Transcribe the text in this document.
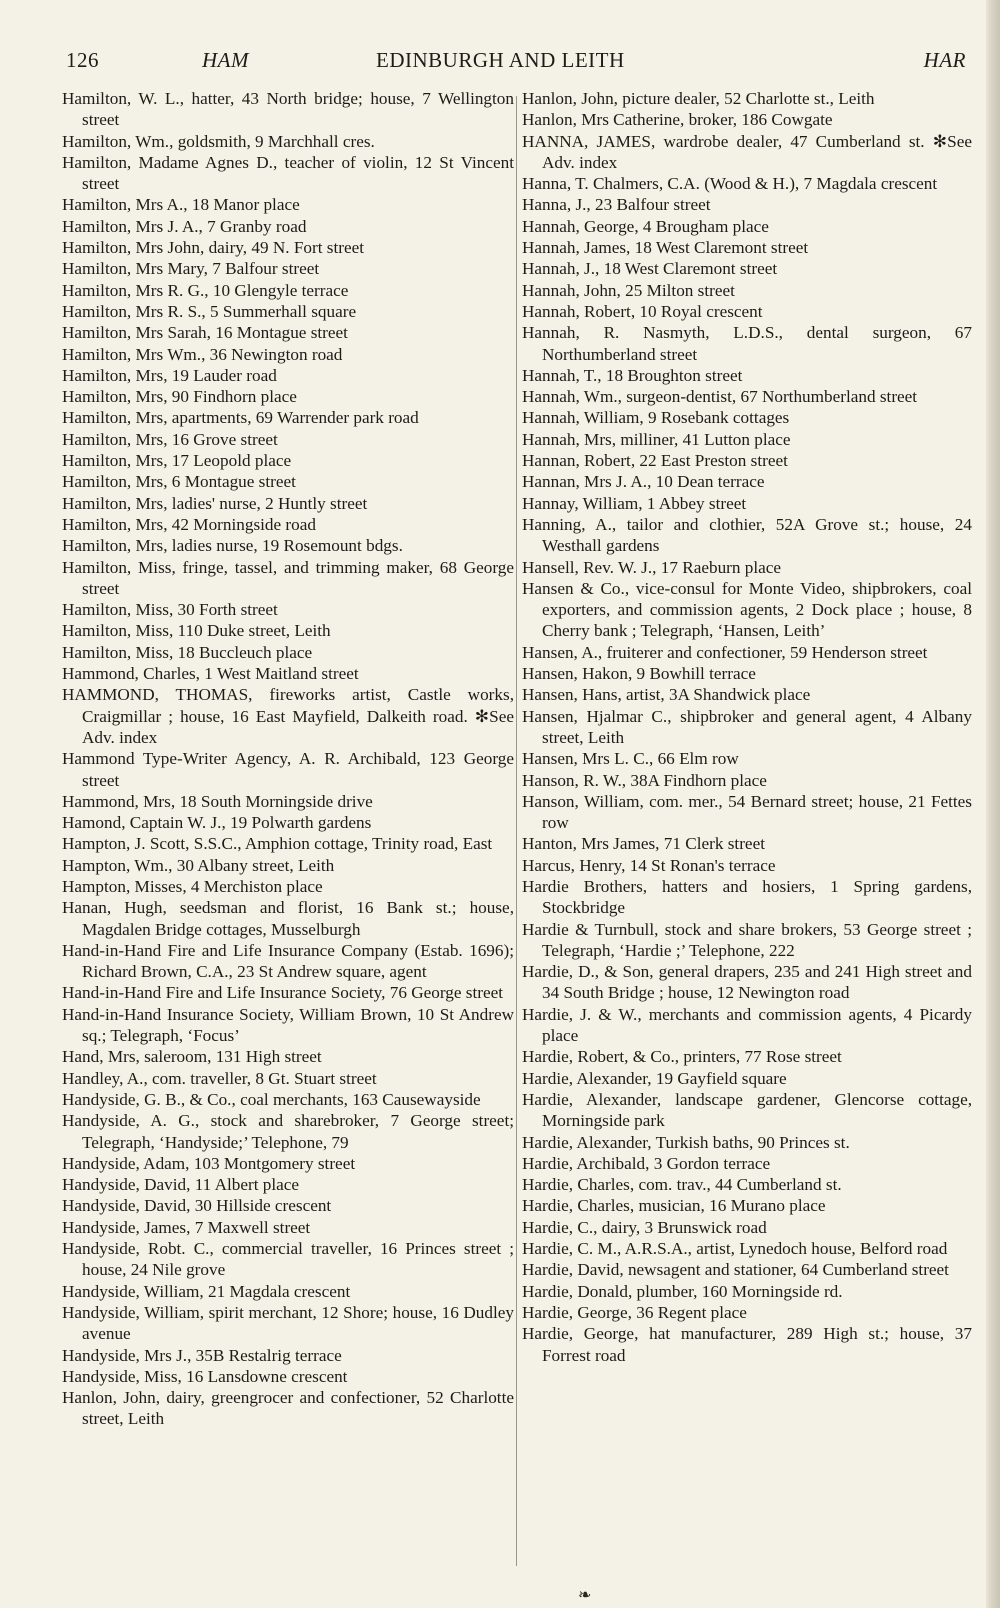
126	HAM	EDINBURGH AND LEITH	HAR
Hamilton, W. L., hatter, 43 North bridge; house, 7 Wellington street
Hamilton, Wm., goldsmith, 9 Marchhall cres.
Hamilton, Madame Agnes D., teacher of violin, 12 St Vincent street
Hamilton, Mrs A., 18 Manor place
Hamilton, Mrs J. A., 7 Granby road
Hamilton, Mrs John, dairy, 49 N. Fort street
Hamilton, Mrs Mary, 7 Balfour street
Hamilton, Mrs R. G., 10 Glengyle terrace
Hamilton, Mrs R. S., 5 Summerhall square
Hamilton, Mrs Sarah, 16 Montague street
Hamilton, Mrs Wm., 36 Newington road
Hamilton, Mrs, 19 Lauder road
Hamilton, Mrs, 90 Findhorn place
Hamilton, Mrs, apartments, 69 Warrender park road
Hamilton, Mrs, 16 Grove street
Hamilton, Mrs, 17 Leopold place
Hamilton, Mrs, 6 Montague street
Hamilton, Mrs, ladies' nurse, 2 Huntly street
Hamilton, Mrs, 42 Morningside road
Hamilton, Mrs, ladies nurse, 19 Rosemount bdgs.
Hamilton, Miss, fringe, tassel, and trimming maker, 68 George street
Hamilton, Miss, 30 Forth street
Hamilton, Miss, 110 Duke street, Leith
Hamilton, Miss, 18 Buccleuch place
Hammond, Charles, 1 West Maitland street
HAMMOND, THOMAS, fireworks artist, Castle works, Craigmillar ; house, 16 East Mayfield, Dalkeith road. ✻See Adv. index
Hammond Type-Writer Agency, A. R. Archibald, 123 George street
Hammond, Mrs, 18 South Morningside drive
Hamond, Captain W. J., 19 Polwarth gardens
Hampton, J. Scott, S.S.C., Amphion cottage, Trinity road, East
Hampton, Wm., 30 Albany street, Leith
Hampton, Misses, 4 Merchiston place
Hanan, Hugh, seedsman and florist, 16 Bank st.; house, Magdalen Bridge cottages, Musselburgh
Hand-in-Hand Fire and Life Insurance Company (Estab. 1696); Richard Brown, C.A., 23 St Andrew square, agent
Hand-in-Hand Fire and Life Insurance Society, 76 George street
Hand-in-Hand Insurance Society, William Brown, 10 St Andrew sq.; Telegraph, ‘Focus’
Hand, Mrs, saleroom, 131 High street
Handley, A., com. traveller, 8 Gt. Stuart street
Handyside, G. B., & Co., coal merchants, 163 Causewayside
Handyside, A. G., stock and sharebroker, 7 George street; Telegraph, ‘Handyside;’ Telephone, 79
Handyside, Adam, 103 Montgomery street
Handyside, David, 11 Albert place
Handyside, David, 30 Hillside crescent
Handyside, James, 7 Maxwell street
Handyside, Robt. C., commercial traveller, 16 Princes street ; house, 24 Nile grove
Handyside, William, 21 Magdala crescent
Handyside, William, spirit merchant, 12 Shore; house, 16 Dudley avenue
Handyside, Mrs J., 35B Restalrig terrace
Handyside, Miss, 16 Lansdowne crescent
Hanlon, John, dairy, greengrocer and confectioner, 52 Charlotte street, Leith
Hanlon, John, picture dealer, 52 Charlotte st., Leith
Hanlon, Mrs Catherine, broker, 186 Cowgate
HANNA, JAMES, wardrobe dealer, 47 Cumberland st. ✻See Adv. index
Hanna, T. Chalmers, C.A. (Wood & H.), 7 Magdala crescent
Hanna, J., 23 Balfour street
Hannah, George, 4 Brougham place
Hannah, James, 18 West Claremont street
Hannah, J., 18 West Claremont street
Hannah, John, 25 Milton street
Hannah, Robert, 10 Royal crescent
Hannah, R. Nasmyth, L.D.S., dental surgeon, 67 Northumberland street
Hannah, T., 18 Broughton street
Hannah, Wm., surgeon-dentist, 67 Northumberland street
Hannah, William, 9 Rosebank cottages
Hannah, Mrs, milliner, 41 Lutton place
Hannan, Robert, 22 East Preston street
Hannan, Mrs J. A., 10 Dean terrace
Hannay, William, 1 Abbey street
Hanning, A., tailor and clothier, 52A Grove st.; house, 24 Westhall gardens
Hansell, Rev. W. J., 17 Raeburn place
Hansen & Co., vice-consul for Monte Video, shipbrokers, coal exporters, and commission agents, 2 Dock place ; house, 8 Cherry bank ; Telegraph, ‘Hansen, Leith’
Hansen, A., fruiterer and confectioner, 59 Henderson street
Hansen, Hakon, 9 Bowhill terrace
Hansen, Hans, artist, 3A Shandwick place
Hansen, Hjalmar C., shipbroker and general agent, 4 Albany street, Leith
Hansen, Mrs L. C., 66 Elm row
Hanson, R. W., 38A Findhorn place
Hanson, William, com. mer., 54 Bernard street; house, 21 Fettes row
Hanton, Mrs James, 71 Clerk street
Harcus, Henry, 14 St Ronan's terrace
Hardie Brothers, hatters and hosiers, 1 Spring gardens, Stockbridge
Hardie & Turnbull, stock and share brokers, 53 George street ; Telegraph, ‘Hardie ;’ Telephone, 222
Hardie, D., & Son, general drapers, 235 and 241 High street and 34 South Bridge ; house, 12 Newington road
Hardie, J. & W., merchants and commission agents, 4 Picardy place
Hardie, Robert, & Co., printers, 77 Rose street
Hardie, Alexander, 19 Gayfield square
Hardie, Alexander, landscape gardener, Glencorse cottage, Morningside park
Hardie, Alexander, Turkish baths, 90 Princes st.
Hardie, Archibald, 3 Gordon terrace
Hardie, Charles, com. trav., 44 Cumberland st.
Hardie, Charles, musician, 16 Murano place
Hardie, C., dairy, 3 Brunswick road
Hardie, C. M., A.R.S.A., artist, Lynedoch house, Belford road
Hardie, David, newsagent and stationer, 64 Cumberland street
Hardie, Donald, plumber, 160 Morningside rd.
Hardie, George, 36 Regent place
Hardie, George, hat manufacturer, 289 High st.; house, 37 Forrest road
❧
